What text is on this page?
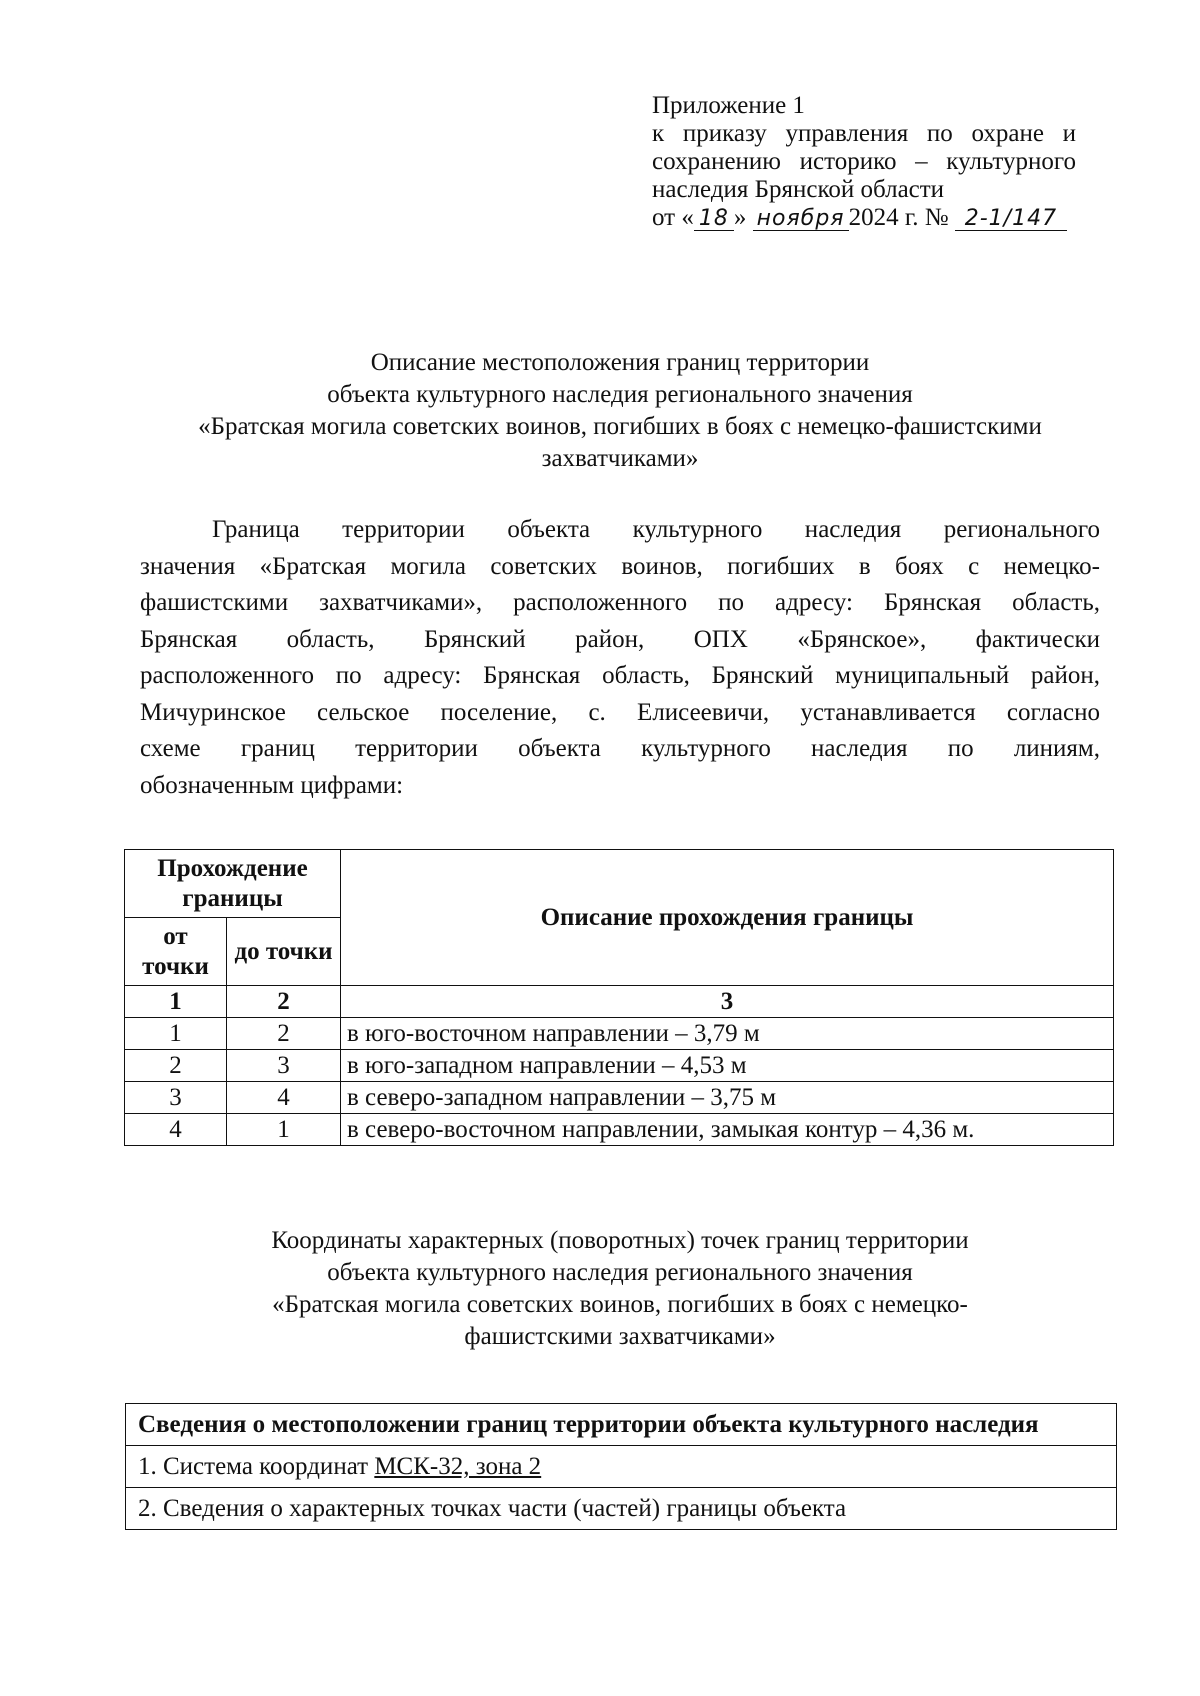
Приложение 1
к приказу управления по охране и
сохранению историко – культурного
наследия Брянской области
от « 18 » ноября 2024 г. № 2-1/147
Описание местоположения границ территории
объекта культурного наследия регионального значения
«Братская могила советских воинов, погибших в боях с немецко-фашистскими
захватчиками»
Граница территории объекта культурного наследия регионального
значения «Братская могила советских воинов, погибших в боях с немецко-
фашистскими захватчиками», расположенного по адресу: Брянская область,
Брянская область, Брянский район, ОПХ «Брянское», фактически
расположенного по адресу: Брянская область, Брянский муниципальный район,
Мичуринское сельское поселение, с. Елисеевичи, устанавливается согласно
схеме границ территории объекта культурного наследия по линиям,
обозначенным цифрами:
Прохождение границы		Описание прохождения границы
от точки	до точки	
1	2	3
1	2	в юго-восточном направлении – 3,79 м
2	3	в юго-западном направлении – 4,53 м
3	4	в северо-западном направлении – 3,75 м
4	1	в северо-восточном направлении, замыкая контур – 4,36 м.
Координаты характерных (поворотных) точек границ территории
объекта культурного наследия регионального значения
«Братская могила советских воинов, погибших в боях с немецко-
фашистскими захватчиками»
Сведения о местоположении границ территории объекта культурного наследия
1. Система координат МСК-32, зона 2
2. Сведения о характерных точках части (частей) границы объекта
